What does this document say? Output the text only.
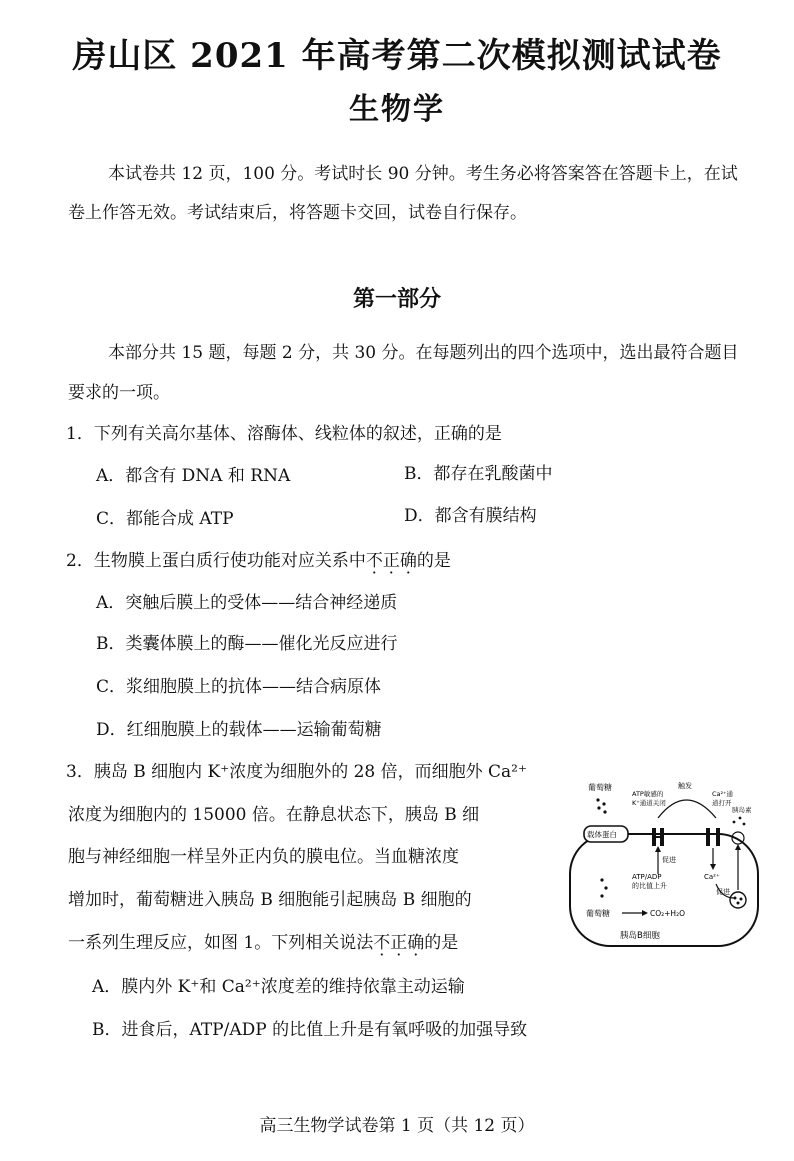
房山区 2021 年高考第二次模拟测试试卷
生物学
本试卷共 12 页，100 分。考试时长 90 分钟。考生务必将答案答在答题卡上，在试
卷上作答无效。考试结束后，将答题卡交回，试卷自行保存。
第一部分
本部分共 15 题，每题 2 分，共 30 分。在每题列出的四个选项中，选出最符合题目
要求的一项。
1．下列有关高尔基体、溶酶体、线粒体的叙述，正确的是
A．都含有 DNA 和 RNA	B．都存在乳酸菌中
C．都能合成 ATP	D．都含有膜结构
2．生物膜上蛋白质行使功能对应关系中不正确的是
A．突触后膜上的受体——结合神经递质
B．类囊体膜上的酶——催化光反应进行
C．浆细胞膜上的抗体——结合病原体
D．红细胞膜上的载体——运输葡萄糖
3．胰岛 B 细胞内 K⁺浓度为细胞外的 28 倍，而细胞外 Ca²⁺
浓度为细胞内的 15000 倍。在静息状态下，胰岛 B 细
胞与神经细胞一样呈外正内负的膜电位。当血糖浓度
增加时，葡萄糖进入胰岛 B 细胞能引起胰岛 B 细胞的
一系列生理反应，如图 1。下列相关说法不正确的是
A．膜内外 K⁺和 Ca²⁺浓度差的维持依靠主动运输
B．进食后，ATP/ADP 的比值上升是有氧呼吸的加强导致
葡萄糖
载体蛋白
葡萄糖	CO₂+H₂O
ATP敏感的
K⁺通道关闭
促进
ATP/ADP
的比值上升
触发
Ca²⁺通
道打开
Ca²⁺
促进
胰岛素
胰岛B细胞
高三生物学试卷第 1 页（共 12 页）
